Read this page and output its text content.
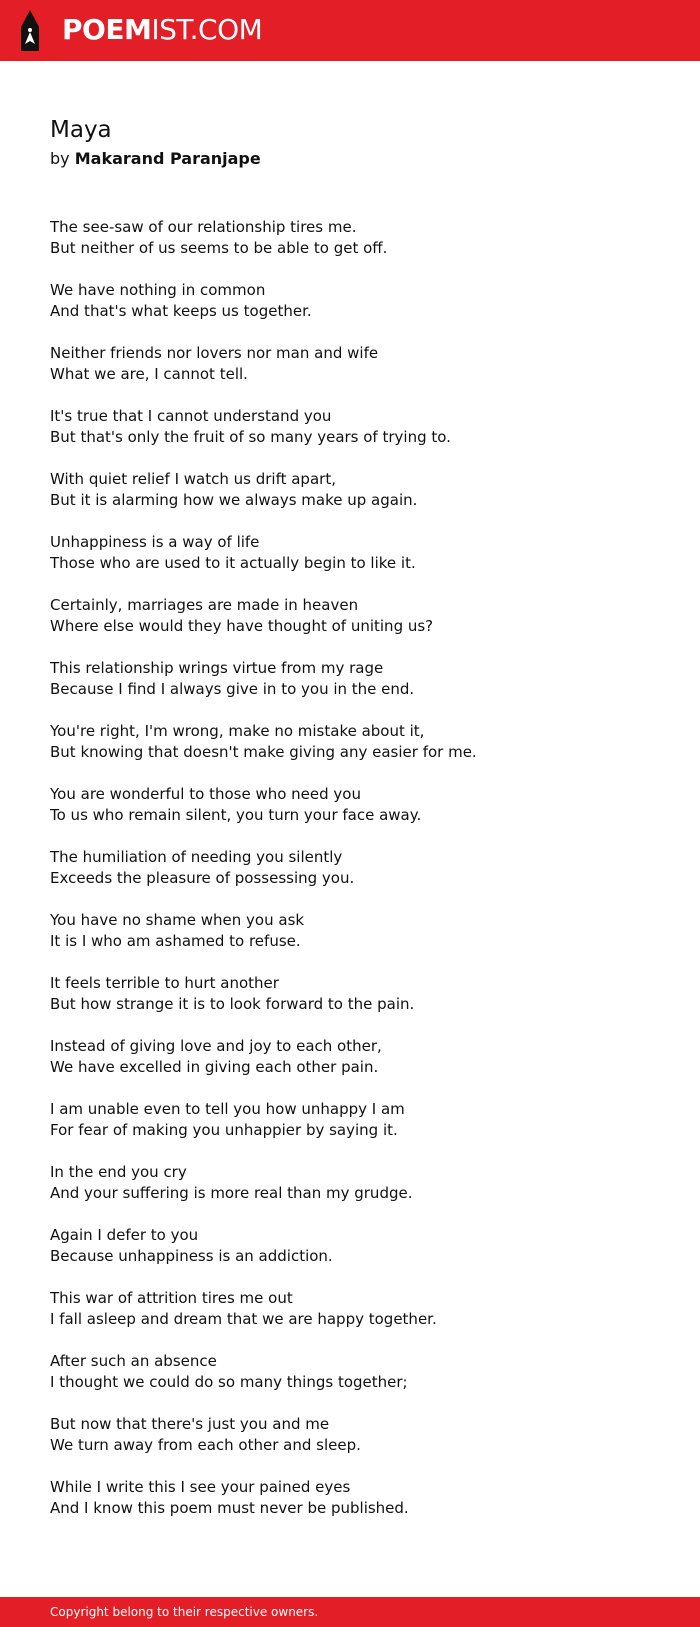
POEMIST.COM
Maya
by Makarand Paranjape

The see-saw of our relationship tires me.
But neither of us seems to be able to get off.

We have nothing in common
And that's what keeps us together.

Neither friends nor lovers nor man and wife
What we are, I cannot tell.

It's true that I cannot understand you
But that's only the fruit of so many years of trying to.

With quiet relief I watch us drift apart,
But it is alarming how we always make up again.

Unhappiness is a way of life
Those who are used to it actually begin to like it.

Certainly, marriages are made in heaven
Where else would they have thought of uniting us?

This relationship wrings virtue from my rage
Because I find I always give in to you in the end.

You're right, I'm wrong, make no mistake about it,
But knowing that doesn't make giving any easier for me.

You are wonderful to those who need you
To us who remain silent, you turn your face away.

The humiliation of needing you silently
Exceeds the pleasure of possessing you.

You have no shame when you ask
It is I who am ashamed to refuse.

It feels terrible to hurt another
But how strange it is to look forward to the pain.

Instead of giving love and joy to each other,
We have excelled in giving each other pain.

I am unable even to tell you how unhappy I am
For fear of making you unhappier by saying it.

In the end you cry
And your suffering is more real than my grudge.

Again I defer to you
Because unhappiness is an addiction.

This war of attrition tires me out
I fall asleep and dream that we are happy together.

After such an absence
I thought we could do so many things together;

But now that there's just you and me
We turn away from each other and sleep.

While I write this I see your pained eyes
And I know this poem must never be published.

Copyright belong to their respective owners.
